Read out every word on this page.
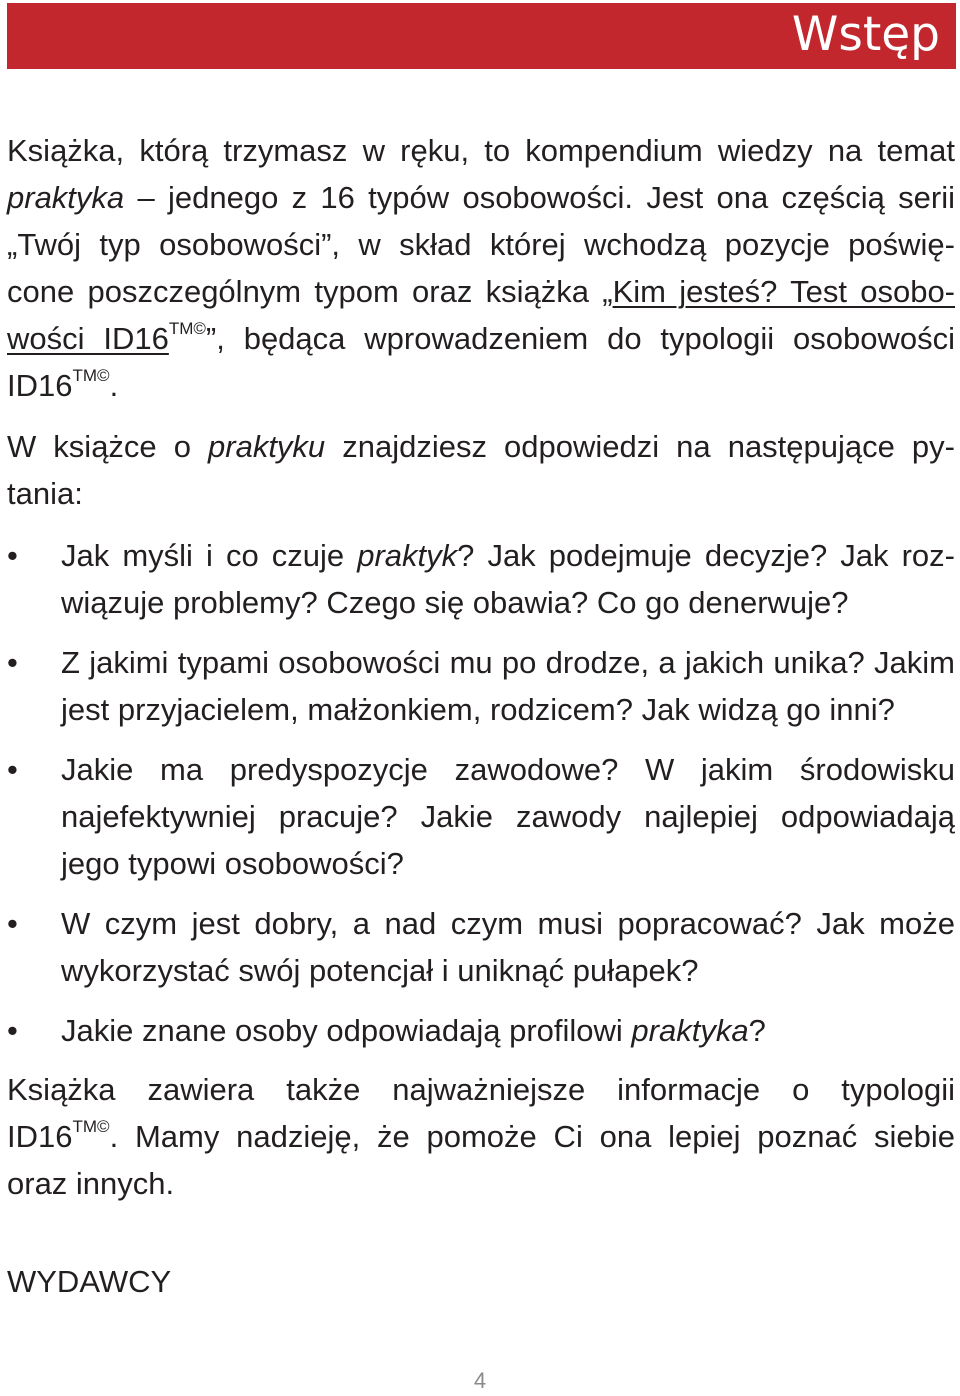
Wstęp

Książka, którą trzymasz w ręku, to kompendium wiedzy na temat
praktyka – jednego z 16 typów osobowości. Jest ona częścią serii
„Twój typ osobowości”, w skład której wchodzą pozycje poświę-
cone poszczególnym typom oraz książka „Kim jesteś? Test osobo-
wości $ID16^{TM©}$”, będąca wprowadzeniem do typologii osobowości
$ID16^{TM©}$.

W książce o praktyku znajdziesz odpowiedzi na następujące py-
tania:

• Jak myśli i co czuje praktyk? Jak podejmuje decyzje? Jak roz-
wiązuje problemy? Czego się obawia? Co go denerwuje?
• Z jakimi typami osobowości mu po drodze, a jakich unika? Jakim
jest przyjacielem, małżonkiem, rodzicem? Jak widzą go inni?
• Jakie ma predyspozycje zawodowe? W jakim środowisku
najefektywniej pracuje? Jakie zawody najlepiej odpowiadają
jego typowi osobowości?
• W czym jest dobry, a nad czym musi popracować? Jak może
wykorzystać swój potencjał i uniknąć pułapek?
• Jakie znane osoby odpowiadają profilowi praktyka?

Książka zawiera także najważniejsze informacje o typologii
$ID16^{TM©}$. Mamy nadzieję, że pomoże Ci ona lepiej poznać siebie
oraz innych.

WYDAWCY

4
